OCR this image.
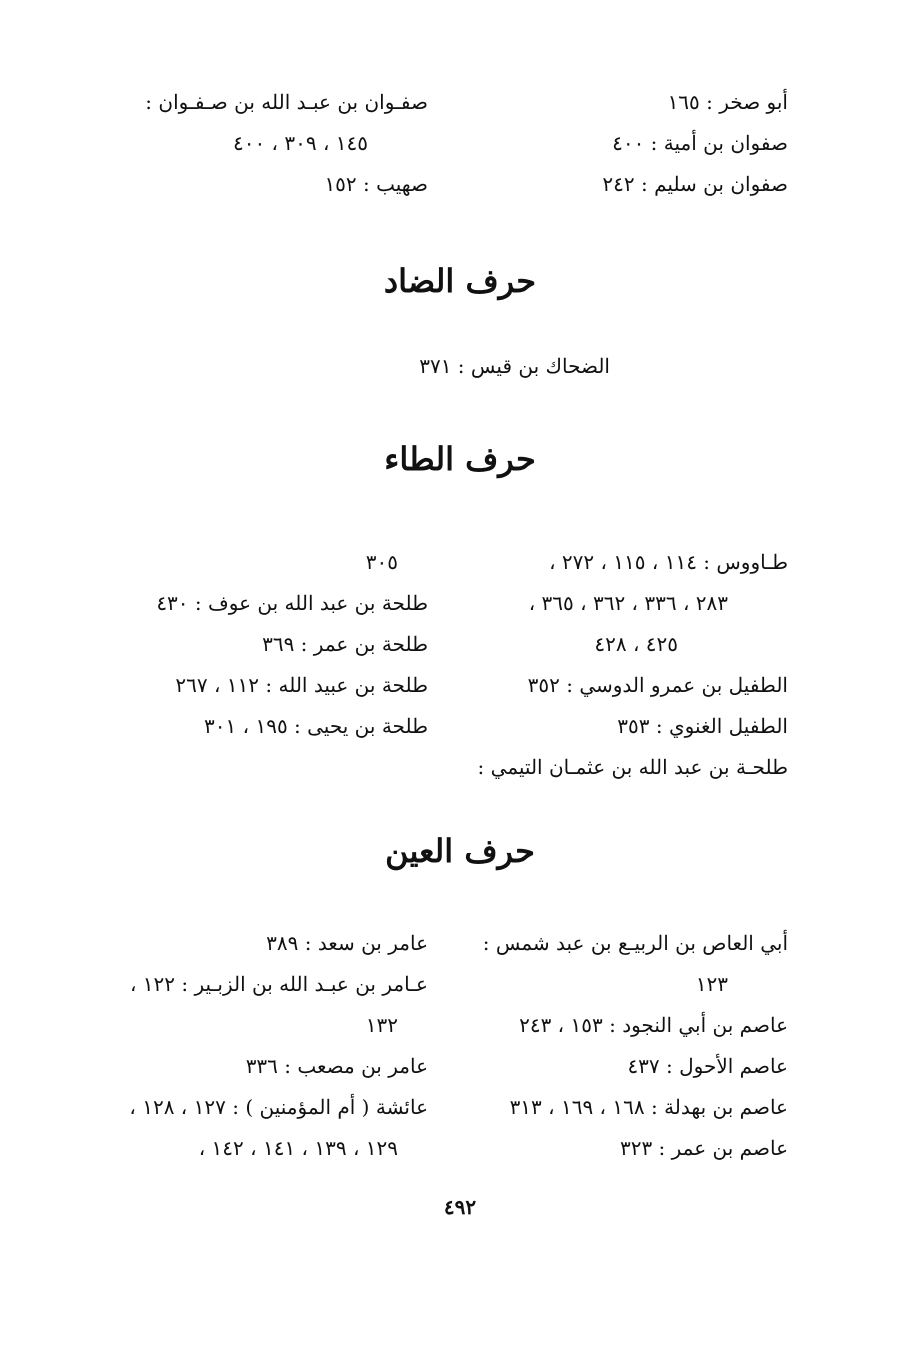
أبو صخر : ١٦٥
صفوان بن أمية : ٤٠٠
صفوان بن سليم : ٢٤٢
صفـوان بن عبـد الله بن صـفـوان :
١٤٥ ، ٣٠٩ ، ٤٠٠
صهيب : ١٥٢
حرف الضاد
الضحاك بن قيس : ٣٧١
حرف الطاء
طـاووس : ١١٤ ، ١١٥ ، ٢٧٢ ،
٢٨٣ ، ٣٣٦ ، ٣٦٢ ، ٣٦٥ ،
٤٢٥ ، ٤٢٨
الطفيل بن عمرو الدوسي : ٣٥٢
الطفيل الغنوي : ٣٥٣
طلحـة بن عبد الله بن عثمـان التيمي :
٣٠٥
طلحة بن عبد الله بن عوف : ٤٣٠
طلحة بن عمر : ٣٦٩
طلحة بن عبيد الله : ١١٢ ، ٢٦٧
طلحة بن يحيى : ١٩٥ ، ٣٠١
حرف العين
أبي العاص بن الربيـع بن عبد شمس :
١٢٣
عاصم بن أبي النجود : ١٥٣ ، ٢٤٣
عاصم الأحول : ٤٣٧
عاصم بن بهدلة : ١٦٨ ، ١٦٩ ، ٣١٣
عاصم بن عمر : ٣٢٣
عامر بن سعد : ٣٨٩
عـامر بن عبـد الله بن الزبـير : ١٢٢ ،
١٣٢
عامر بن مصعب : ٣٣٦
عائشة ( أم المؤمنين ) : ١٢٧ ، ١٢٨ ،
١٢٩ ، ١٣٩ ، ١٤١ ، ١٤٢ ،
٤٩٢
